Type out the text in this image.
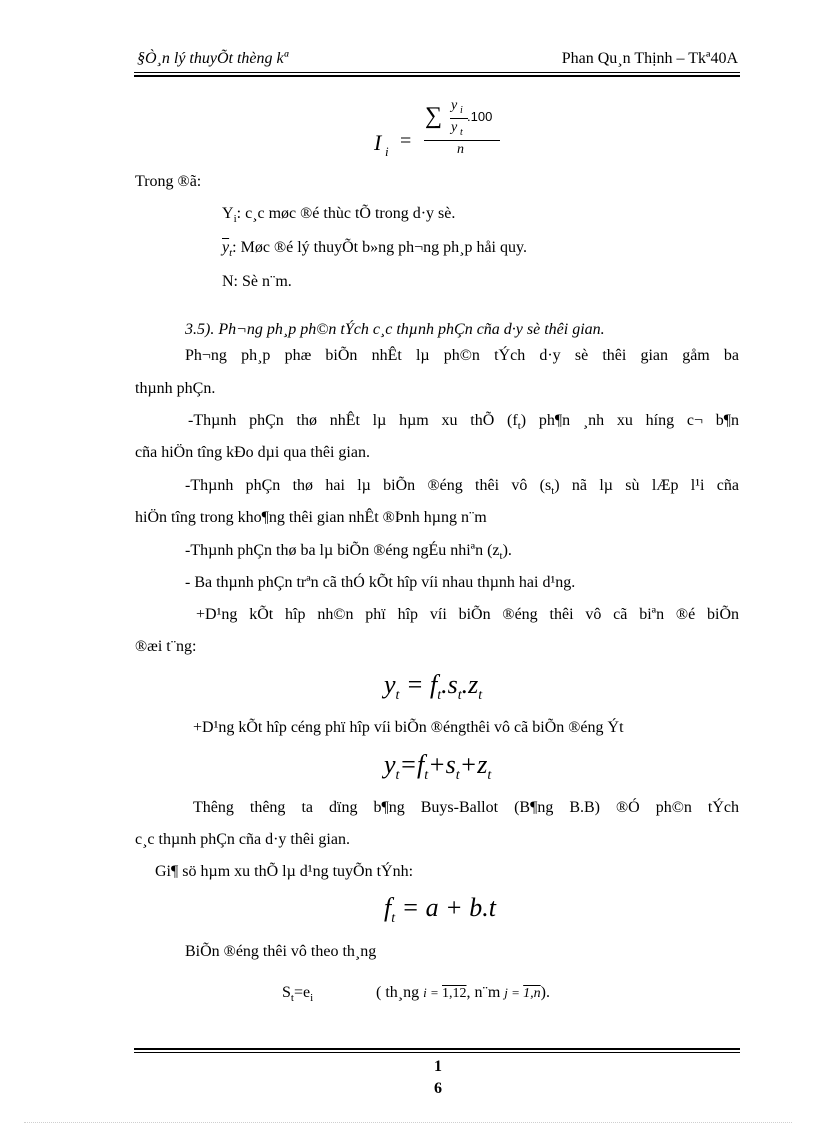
§Ò¸n lý thuyÕt thèng kª	Phan Qu¸n Thịnh – Tkª40A
I i =
∑ y i
y t
.100
n
Trong ®ã:
$Y_i$: c¸c møc ®é thùc tÕ trong d·y sè.
$\overline{y}_t$: Møc ®é lý thuyÕt b»ng ph¬ng ph¸p håi quy.
N: Sè n¨m.
3.5). Ph¬ng ph¸p ph©n tÝch c¸c thµnh phÇn cña d·y sè thêi gian.
Ph¬ng ph¸p phæ biÕn nhÊt lµ ph©n tÝch d·y sè thêi gian gåm ba
thµnh phÇn.
-Thµnh phÇn thø nhÊt lµ hµm xu thÕ $(f_t)$ ph¶n ¸nh xu híng c¬ b¶n
cña hiÖn tîng kÐo dµi qua thêi gian.
-Thµnh phÇn thø hai lµ biÕn ®éng thêi vô $(s_t)$ nã lµ sù lÆp l¹i cña
hiÖn tîng trong kho¶ng thêi gian nhÊt ®Þnh hµng n¨m
-Thµnh phÇn thø ba lµ biÕn ®éng ngÉu nhiªn $(z_t)$.
- Ba thµnh phÇn trªn cã thÓ kÕt hîp víi nhau thµnh hai d¹ng.
+D¹ng kÕt hîp nh©n phï hîp víi biÕn ®éng thêi vô cã biªn ®é biÕn
®æi t¨ng:
$y_t = f_t.s_t.z_t$
+D¹ng kÕt hîp céng phï hîp víi biÕn ®éngthêi vô cã biÕn ®éng Ýt
$y_t=f_t+s_t+z_t$
Thêng thêng ta dïng b¶ng Buys-Ballot (B¶ng B.B) ®Ó ph©n tÝch
c¸c thµnh phÇn cña d·y thêi gian.
Gi¶ sö hµm xu thÕ lµ d¹ng tuyÕn tÝnh:
$f_t = a + b.t$
BiÕn ®éng thêi vô theo th¸ng
$S_t=e_i$	( th¸ng i = 1,12, n¨m j = 1,n).
1
6
